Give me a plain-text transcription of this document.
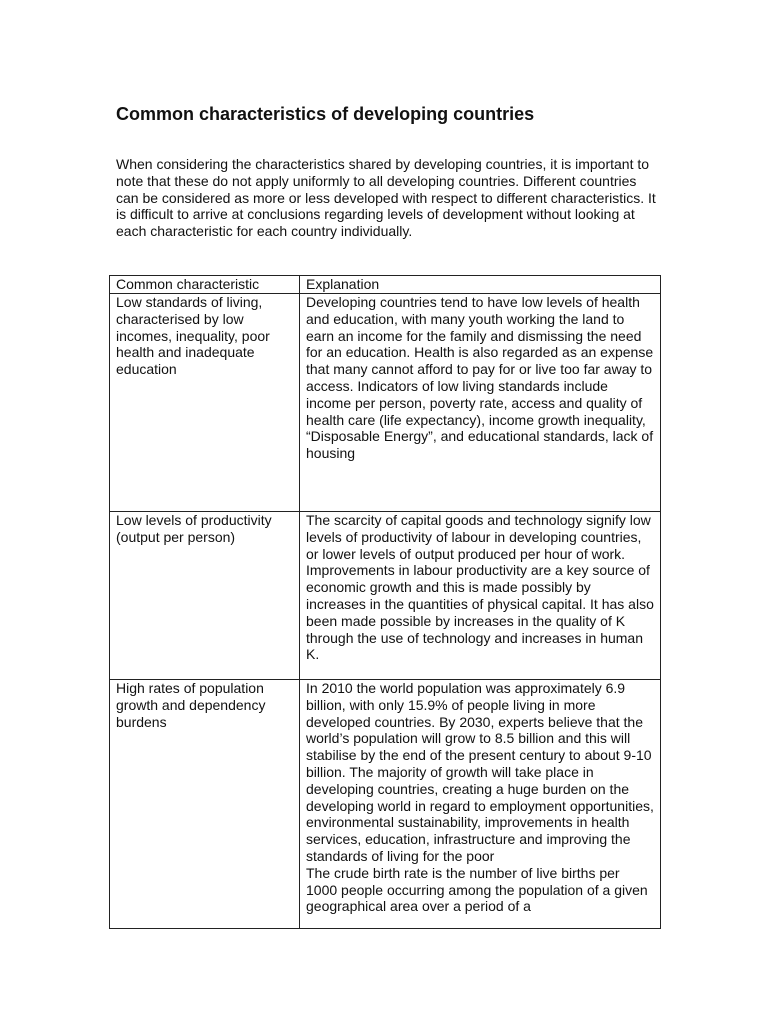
Common characteristics of developing countries

When considering the characteristics shared by developing countries, it is important to note that these do not apply uniformly to all developing countries. Different countries can be considered as more or less developed with respect to different characteristics. It is difficult to arrive at conclusions regarding levels of development without looking at each characteristic for each country individually.

Common characteristic	Explanation
Low standards of living, characterised by low incomes, inequality, poor health and inadequate education	Developing countries tend to have low levels of health and education, with many youth working the land to earn an income for the family and dismissing the need for an education. Health is also regarded as an expense that many cannot afford to pay for or live too far away to access. Indicators of low living standards include income per person, poverty rate, access and quality of health care (life expectancy), income growth inequality, “Disposable Energy”, and educational standards, lack of housing
Low levels of productivity (output per person)	The scarcity of capital goods and technology signify low levels of productivity of labour in developing countries, or lower levels of output produced per hour of work. Improvements in labour productivity are a key source of economic growth and this is made possibly by increases in the quantities of physical capital. It has also been made possible by increases in the quality of K through the use of technology and increases in human K.
High rates of population growth and dependency burdens	In 2010 the world population was approximately 6.9 billion, with only 15.9% of people living in more developed countries. By 2030, experts believe that the world’s population will grow to 8.5 billion and this will stabilise by the end of the present century to about 9-10 billion. The majority of growth will take place in developing countries, creating a huge burden on the developing world in regard to employment opportunities, environmental sustainability, improvements in health services, education, infrastructure and improving the standards of living for the poor
The crude birth rate is the number of live births per 1000 people occurring among the population of a given geographical area over a period of a
